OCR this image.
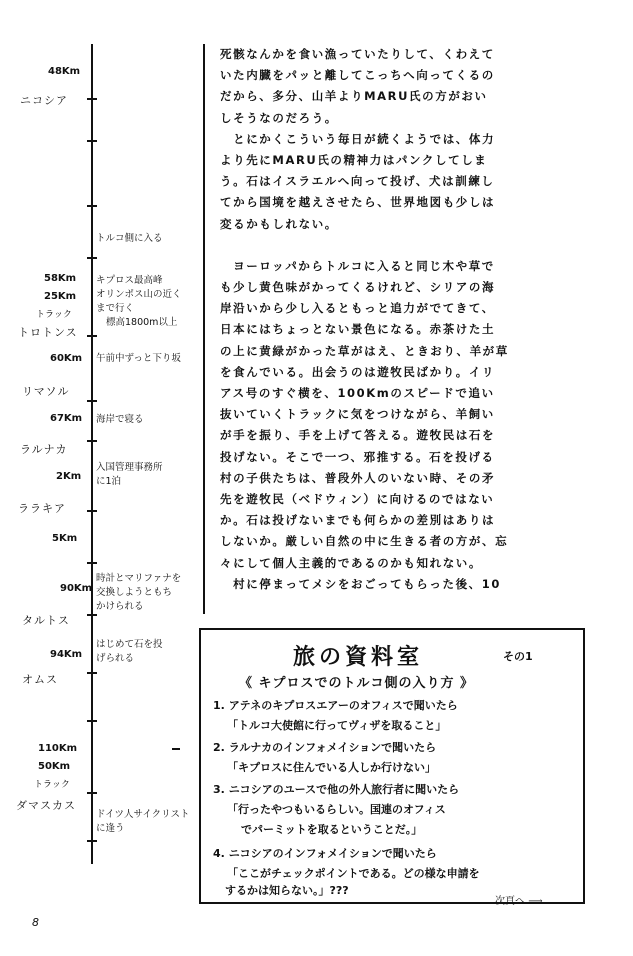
48Km
58Km
25Km
トラック
60Km
67Km
2Km
5Km
90Km
94Km
110Km
50Km
トラック
ニコシア
トロトンス
リマソル
ラルナカ
ララキア
タルトス
オムス
ダマスカス
トルコ側に入る
キプロス最高峰
オリンポス山の近く
まで行く
標高1800m以上
午前中ずっと下り坂
海岸で寝る
入国管理事務所
に1泊
時計とマリファナを
交換しようともち
かけられる
はじめて石を投
げられる
ドイツ人サイクリスト
に逢う
死骸なんかを食い漁っていたりして、くわえて
いた内臓をパッと離してこっちへ向ってくるの
だから、多分、山羊よりMARU氏の方がおい
しそうなのだろう。
　とにかくこういう毎日が続くようでは、体力
より先にMARU氏の精神力はパンクしてしま
う。石はイスラエルへ向って投げ、犬は訓練し
てから国境を越えさせたら、世界地図も少しは
変るかもしれない。
　ヨーロッパからトルコに入ると同じ木や草で
も少し黄色味がかってくるけれど、シリアの海
岸沿いから少し入るともっと追力がでてきて、
日本にはちょっとない景色になる。赤茶けた土
の上に黄緑がかった草がはえ、ときおり、羊が草
を食んでいる。出会うのは遊牧民ばかり。イリ
アス号のすぐ横を、100Kmのスピードで追い
抜いていくトラックに気をつけながら、羊飼い
が手を振り、手を上げて答える。遊牧民は石を
投げない。そこで一つ、邪推する。石を投げる
村の子供たちは、普段外人のいない時、その矛
先を遊牧民（ベドウィン）に向けるのではない
か。石は投げないまでも何らかの差別はありは
しないか。厳しい自然の中に生きる者の方が、忘
々にして個人主義的であるのかも知れない。
　村に停まってメシをおごってもらった後、10
旅の資料室	その1
《 キプロスでのトルコ側の入り方 》
1. アテネのキプロスエアーのオフィスで聞いたら
「トルコ大使館に行ってヴィザを取ること」
2. ラルナカのインフォメイションで聞いたら
「キプロスに住んでいる人しか行けない」
3. ニコシアのユースで他の外人旅行者に聞いたら
「行ったやつもいるらしい。国連のオフィス
でパーミットを取るということだ。」
4. ニコシアのインフォメイションで聞いたら
「ここがチェックポイントである。どの様な申請を
次頁へ ⟶
するかは知らない。」???
8
